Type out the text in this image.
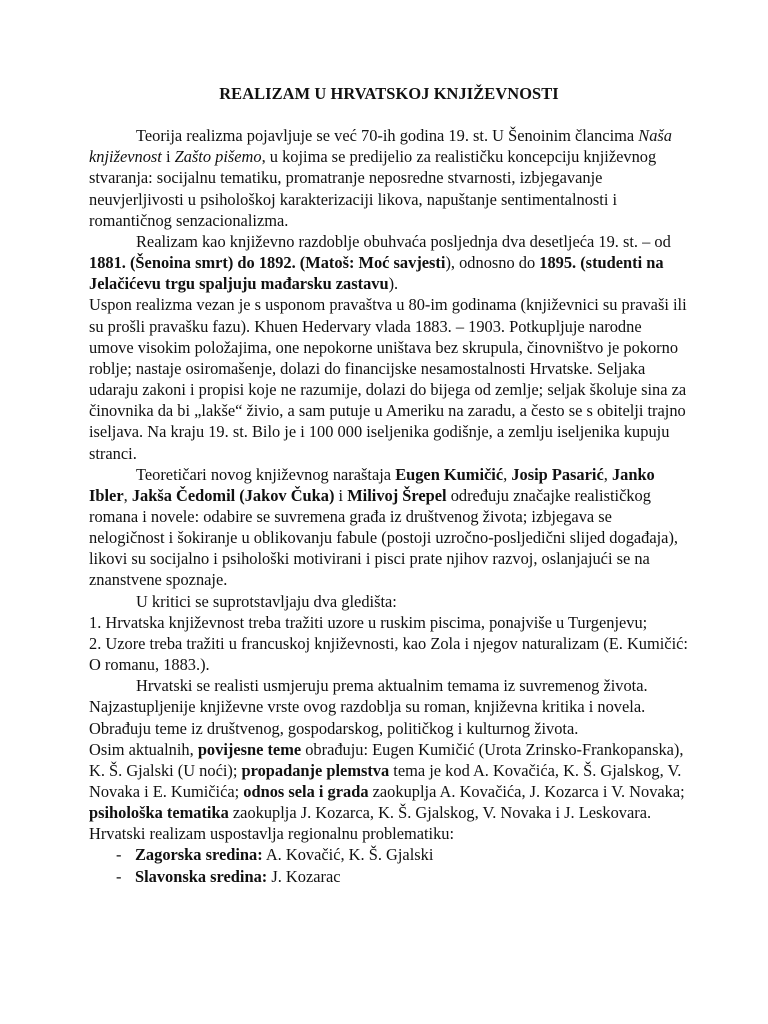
REALIZAM U HRVATSKOJ KNJIŽEVNOSTI

Teorija realizma pojavljuje se već 70-ih godina 19. st. U Šenoinim člancima Naša književnost i Zašto pišemo, u kojima se predijelio za realističku koncepciju književnog stvaranja: socijalnu tematiku, promatranje neposredne stvarnosti, izbjegavanje neuvjerljivosti u psihološkoj karakterizaciji likova, napuštanje sentimentalnosti i romantičnog senzacionalizma.

Realizam kao književno razdoblje obuhvaća posljednja dva desetljeća 19. st. – od 1881. (Šenoina smrt) do 1892. (Matoš: Moć savjesti), odnosno do 1895. (studenti na Jelačićevu trgu spaljuju mađarsku zastavu).

Uspon realizma vezan je s usponom pravaštva u 80-im godinama (književnici su pravaši ili su prošli pravašku fazu). Khuen Hedervary vlada 1883. – 1903. Potkupljuje narodne umove visokim položajima, one nepokorne uništava bez skrupula, činovništvo je pokorno roblje; nastaje osiromašenje, dolazi do financijske nesamostalnosti Hrvatske. Seljaka udaraju zakoni i propisi koje ne razumije, dolazi do bijega od zemlje; seljak školuje sina za činovnika da bi „lakše“ živio, a sam putuje u Ameriku na zaradu, a često se s obitelji trajno iseljava. Na kraju 19. st. Bilo je i 100 000 iseljenika godišnje, a zemlju iseljenika kupuju stranci.

Teoretičari novog književnog naraštaja Eugen Kumičić, Josip Pasarić, Janko Ibler, Jakša Čedomil (Jakov Čuka) i Milivoj Šrepel određuju značajke realističkog romana i novele: odabire se suvremena građa iz društvenog života; izbjegava se nelogičnost i šokiranje u oblikovanju fabule (postoji uzročno-posljedični slijed događaja), likovi su socijalno i psihološki motivirani i pisci prate njihov razvoj, oslanjajući se na znanstvene spoznaje.

U kritici se suprotstavljaju dva gledišta:

1. Hrvatska književnost treba tražiti uzore u ruskim piscima, ponajviše u Turgenjevu;

2. Uzore treba tražiti u francuskoj književnosti, kao Zola i njegov naturalizam (E. Kumičić: O romanu, 1883.).

Hrvatski se realisti usmjeruju prema aktualnim temama iz suvremenog života. Najzastupljenije književne vrste ovog razdoblja su roman, književna kritika i novela. Obrađuju teme iz društvenog, gospodarskog, političkog i kulturnog života.

Osim aktualnih, povijesne teme obrađuju: Eugen Kumičić (Urota Zrinsko-Frankopanska), K. Š. Gjalski (U noći); propadanje plemstva tema je kod A. Kovačića, K. Š. Gjalskog, V. Novaka i E. Kumičića; odnos sela i grada zaokuplja A. Kovačića, J. Kozarca i V. Novaka; psihološka tematika zaokuplja J. Kozarca, K. Š. Gjalskog, V. Novaka i J. Leskovara.

Hrvatski realizam uspostavlja regionalnu problematiku:

- Zagorska sredina: A. Kovačić, K. Š. Gjalski
- Slavonska sredina: J. Kozarac
